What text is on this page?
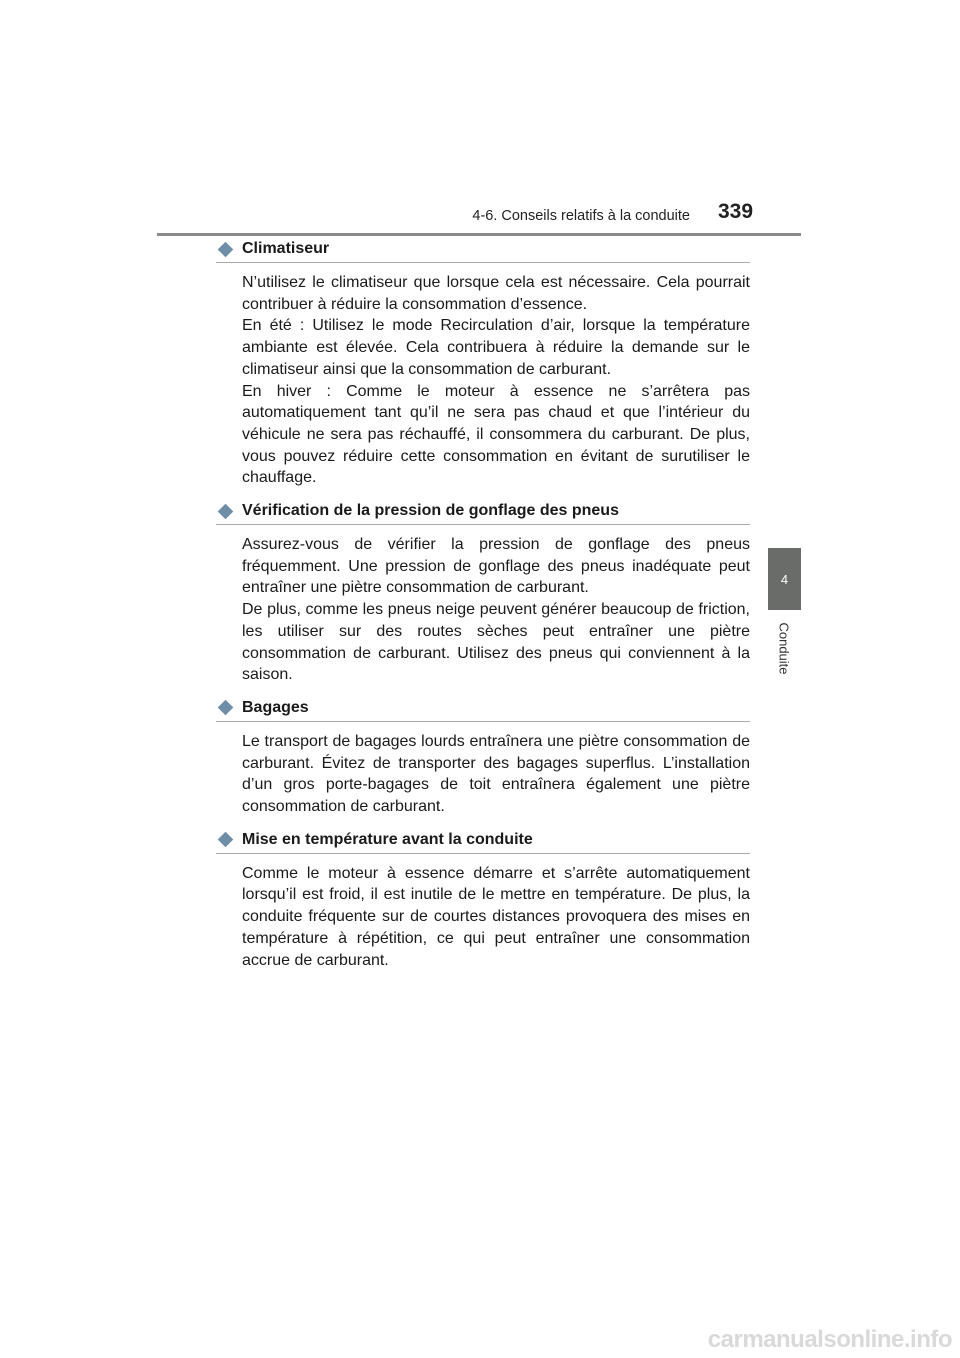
4-6. Conseils relatifs à la conduite 339
4
Conduite
Climatiseur

N’utilisez le climatiseur que lorsque cela est nécessaire. Cela pourrait contribuer à réduire la consommation d’essence.

En été : Utilisez le mode Recirculation d’air, lorsque la température ambiante est élevée. Cela contribuera à réduire la demande sur le climatiseur ainsi que la consommation de carburant.

En hiver : Comme le moteur à essence ne s’arrêtera pas automatiquement tant qu’il ne sera pas chaud et que l’intérieur du véhicule ne sera pas réchauffé, il consommera du carburant. De plus, vous pouvez réduire cette consommation en évitant de surutiliser le chauffage.

Vérification de la pression de gonflage des pneus

Assurez-vous de vérifier la pression de gonflage des pneus fréquemment. Une pression de gonflage des pneus inadéquate peut entraîner une piètre consommation de carburant.

De plus, comme les pneus neige peuvent générer beaucoup de friction, les utiliser sur des routes sèches peut entraîner une piètre consommation de carburant. Utilisez des pneus qui conviennent à la saison.

Bagages

Le transport de bagages lourds entraînera une piètre consommation de carburant. Évitez de transporter des bagages superflus. L’installation d’un gros porte-bagages de toit entraînera également une piètre consommation de carburant.

Mise en température avant la conduite

Comme le moteur à essence démarre et s’arrête automatiquement lorsqu’il est froid, il est inutile de le mettre en température. De plus, la conduite fréquente sur de courtes distances provoquera des mises en température à répétition, ce qui peut entraîner une consommation accrue de carburant.

carmanualsonline.info
